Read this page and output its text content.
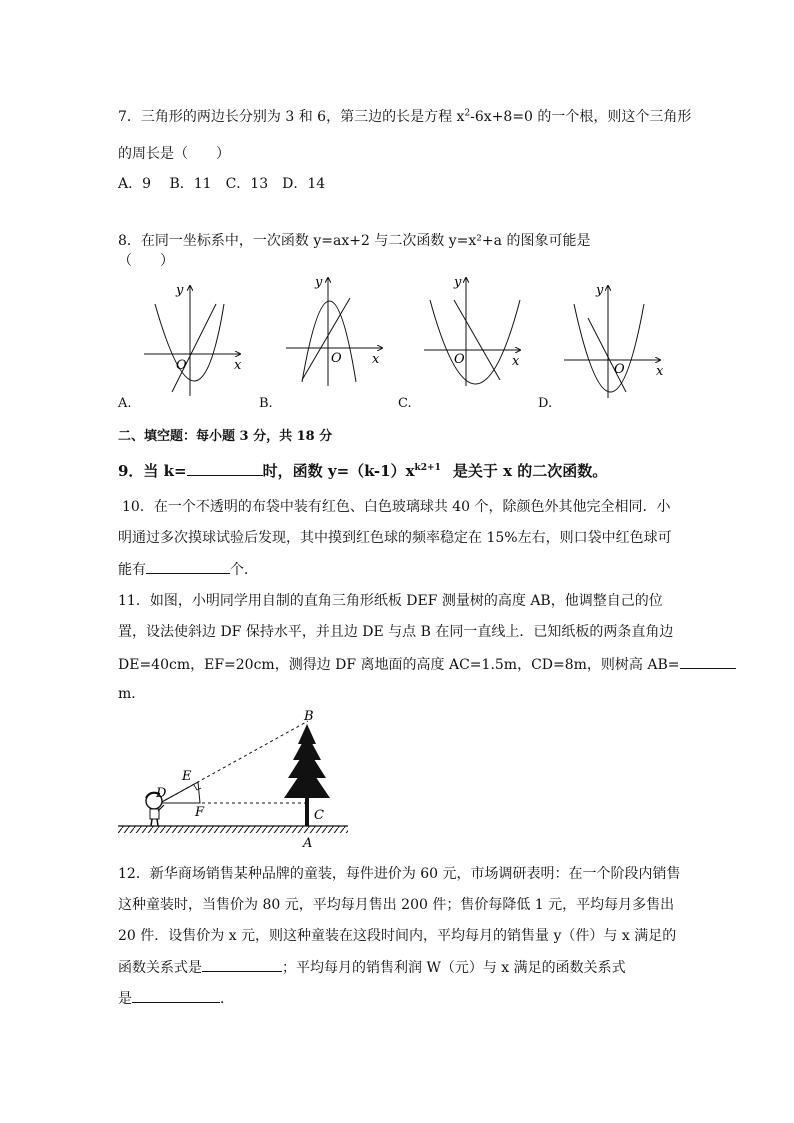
7．三角形的两边长分别为 3 和 6，第三边的长是方程 $x^2-6x+8=0$ 的一个根，则这个三角形
的周长是（　　）
A．9　 B．11　C．13　D．14
8．在同一坐标系中，一次函数 y=ax+2 与二次函数 y=x²+a 的图象可能是
（　　）
y
x
O
A.
y
x
O
B.
y
x
O
C.
y
x
O
D.
二、填空题：每小题 3 分，共 18 分
9．当 k=	时，函数 $y=(k-1)x^{k2+1}$ 是关于 x 的二次函数。
10．在一个不透明的布袋中装有红色、白色玻璃球共 40 个，除颜色外其他完全相同．小
明通过多次摸球试验后发现，其中摸到红色球的频率稳定在 15%左右，则口袋中红色球可
能有	个．
11．如图，小明同学用自制的直角三角形纸板 DEF 测量树的高度 AB，他调整自己的位
置，设法使斜边 DF 保持水平，并且边 DE 与点 B 在同一直线上．已知纸板的两条直角边
DE=40cm，EF=20cm，测得边 DF 离地面的高度 AC=1.5m，CD=8m，则树高 AB=
m．
B
E
D
F	C
A
12．新华商场销售某种品牌的童装，每件进价为 60 元，市场调研表明：在一个阶段内销售
这种童装时，当售价为 80 元，平均每月售出 200 件；售价每降低 1 元，平均每月多售出
20 件．设售价为 x 元，则这种童装在这段时间内，平均每月的销售量 y（件）与 x 满足的
函数关系式是	；平均每月的销售利润 W（元）与 x 满足的函数关系式
是	．
